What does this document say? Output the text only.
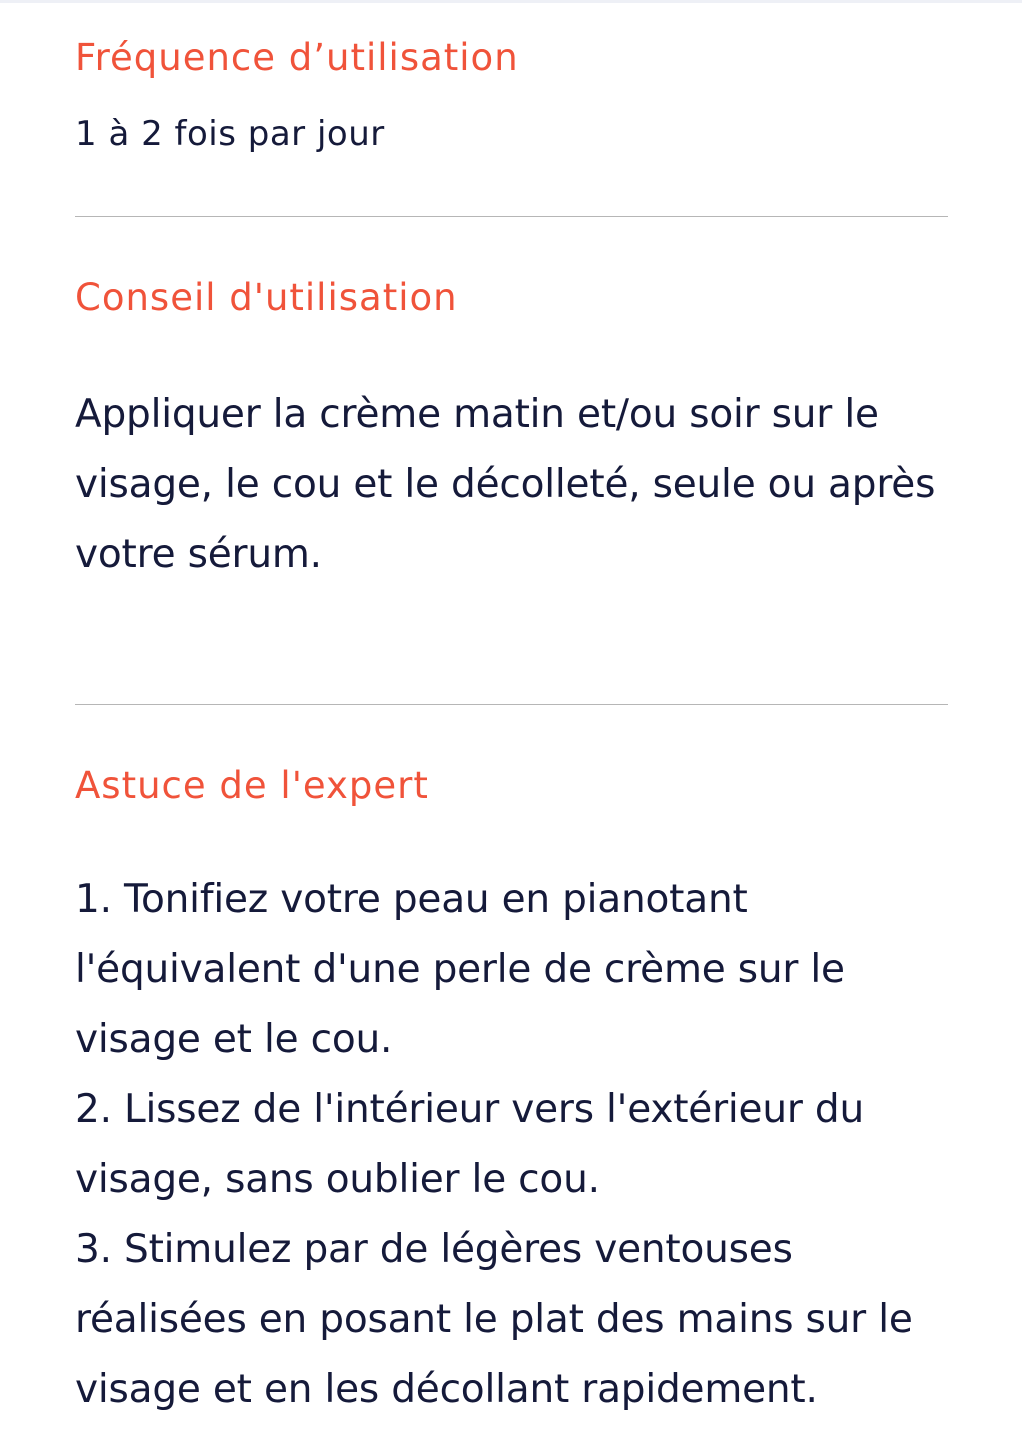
Fréquence d’utilisation

1 à 2 fois par jour

Conseil d'utilisation
Appliquer la crème matin et/ou soir sur le
visage, le cou et le décolleté, seule ou après
votre sérum.
Astuce de l'expert
1. Tonifiez votre peau en pianotant
l'équivalent d'une perle de crème sur le
visage et le cou.
2. Lissez de l'intérieur vers l'extérieur du
visage, sans oublier le cou.
3. Stimulez par de légères ventouses
réalisées en posant le plat des mains sur le
visage et en les décollant rapidement.
